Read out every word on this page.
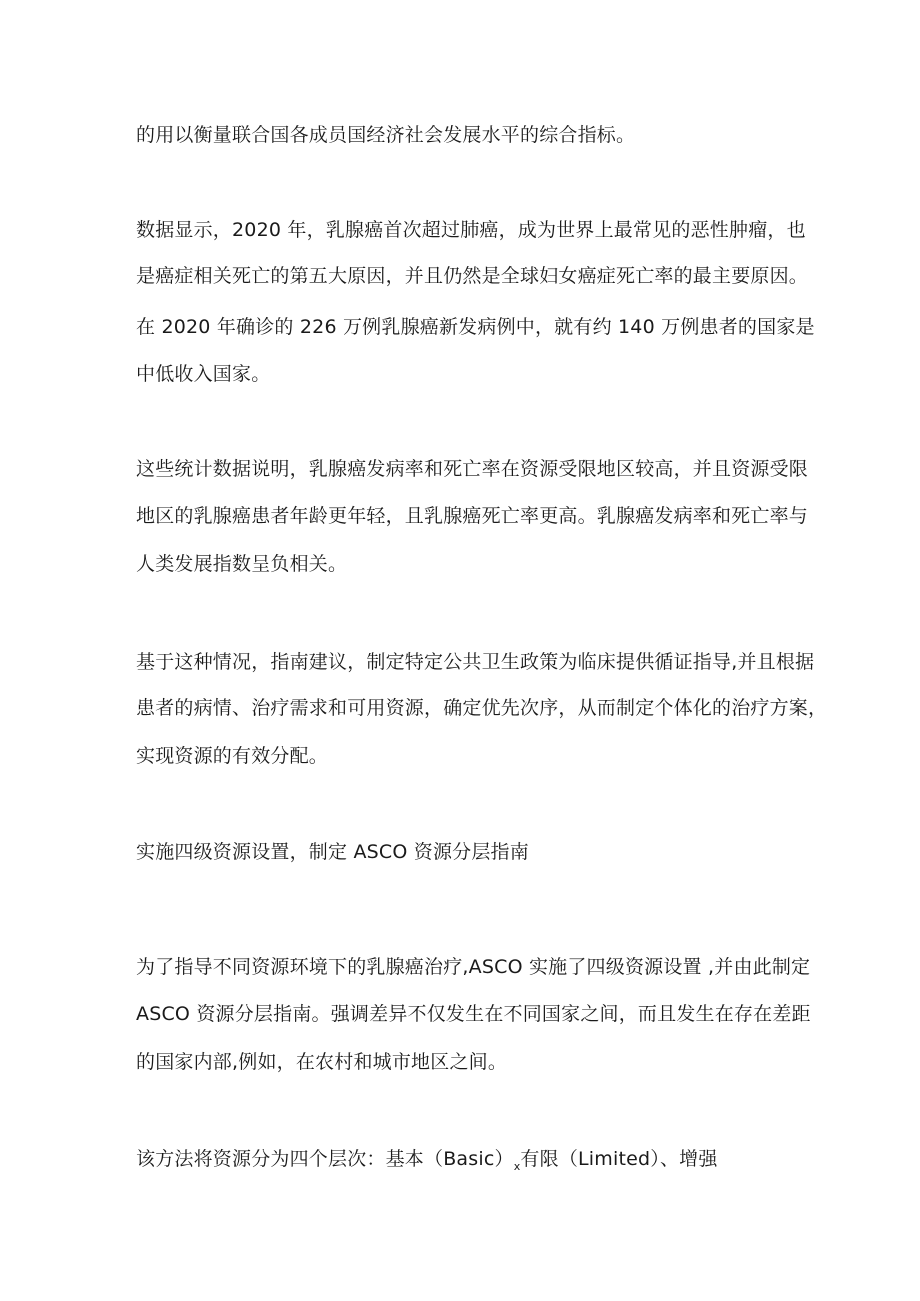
的用以衡量联合国各成员国经济社会发展水平的综合指标。
数据显示，2020 年，乳腺癌首次超过肺癌，成为世界上最常见的恶性肿瘤，也
是癌症相关死亡的第五大原因，并且仍然是全球妇女癌症死亡率的最主要原因。
在 2020 年确诊的 226 万例乳腺癌新发病例中，就有约 140 万例患者的国家是
中低收入国家。
这些统计数据说明，乳腺癌发病率和死亡率在资源受限地区较高，并且资源受限
地区的乳腺癌患者年龄更年轻，且乳腺癌死亡率更高。乳腺癌发病率和死亡率与
人类发展指数呈负相关。
基于这种情况，指南建议，制定特定公共卫生政策为临床提供循证指导,并且根据
患者的病情、治疗需求和可用资源，确定优先次序，从而制定个体化的治疗方案，
实现资源的有效分配。
实施四级资源设置，制定 ASCO 资源分层指南
为了指导不同资源环境下的乳腺癌治疗,ASCO 实施了四级资源设置 ,并由此制定
ASCO 资源分层指南。强调差异不仅发生在不同国家之间，而且发生在存在差距
的国家内部,例如，在农村和城市地区之间。
该方法将资源分为四个层次：基本$(Basic)_x$有限（Limited）、增强
